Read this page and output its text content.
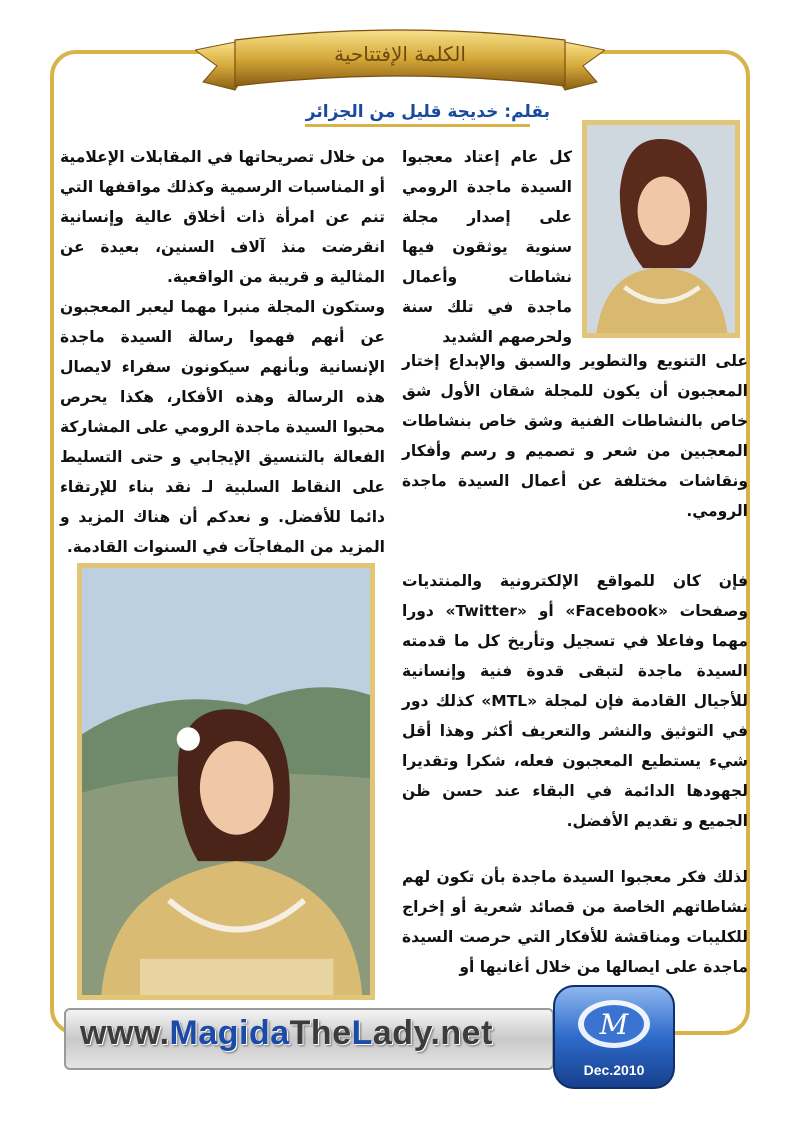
الكلمة الإفتتاحية
بقلم: خديجة قليل من الجزائر

كل عام إعتاد معجبوا السيدة ماجدة الرومي على إصدار مجلة سنوية يوثقون فيها نشاطات وأعمال ماجدة في تلك سنة ولحرصهم الشديد

على التنويع والتطوير والسبق والإبداع إختار المعجبون أن يكون للمجلة شقان الأول شق خاص بالنشاطات الفنية وشق خاص بنشاطات المعجبين من شعر و تصميم و رسم وأفكار ونقاشات مختلفة عن أعمال السيدة ماجدة الرومي.

فإن كان للمواقع الإلكترونية والمنتديات وصفحات «Facebook» أو «Twitter» دورا مهما وفاعلا في تسجيل وتأريخ كل ما قدمته السيدة ماجدة لتبقى قدوة فنية وإنسانية للأجيال القادمة فإن لمجلة «MTL» كذلك دور في التوثيق والنشر والتعريف أكثر وهذا أقل شيء يستطيع المعجبون فعله، شكرا وتقديرا لجهودها الدائمة في البقاء عند حسن ظن الجميع و تقديم الأفضل.

لذلك فكر معجبوا السيدة ماجدة بأن تكون لهم نشاطاتهم الخاصة من قصائد شعرية أو إخراج للكليبات ومناقشة للأفكار التي حرصت السيدة ماجدة على ايصالها من خلال أغانيها أو

من خلال تصريحاتها في المقابلات الإعلامية أو المناسبات الرسمية وكذلك مواقفها التي تنم عن امرأة ذات أخلاق عالية وإنسانية انقرضت منذ آلاف السنين، بعيدة عن المثالية و قريبة من الواقعية.

وستكون المجلة منبرا مهما ليعبر المعجبون عن أنهم فهموا رسالة السيدة ماجدة الإنسانية وبأنهم سيكونون سفراء لايصال هذه الرسالة وهذه الأفكار، هكذا يحرص محبوا السيدة ماجدة الرومي على المشاركة الفعالة بالتنسيق الإيجابي و حتى التسليط على النقاط السلبية لـ نقد بناء للإرتقاء دائما للأفضل. و نعدكم أن هناك المزيد و المزيد من المفاجآت في السنوات القادمة.

www.MagidaTheLady.net	M
Dec.2010
